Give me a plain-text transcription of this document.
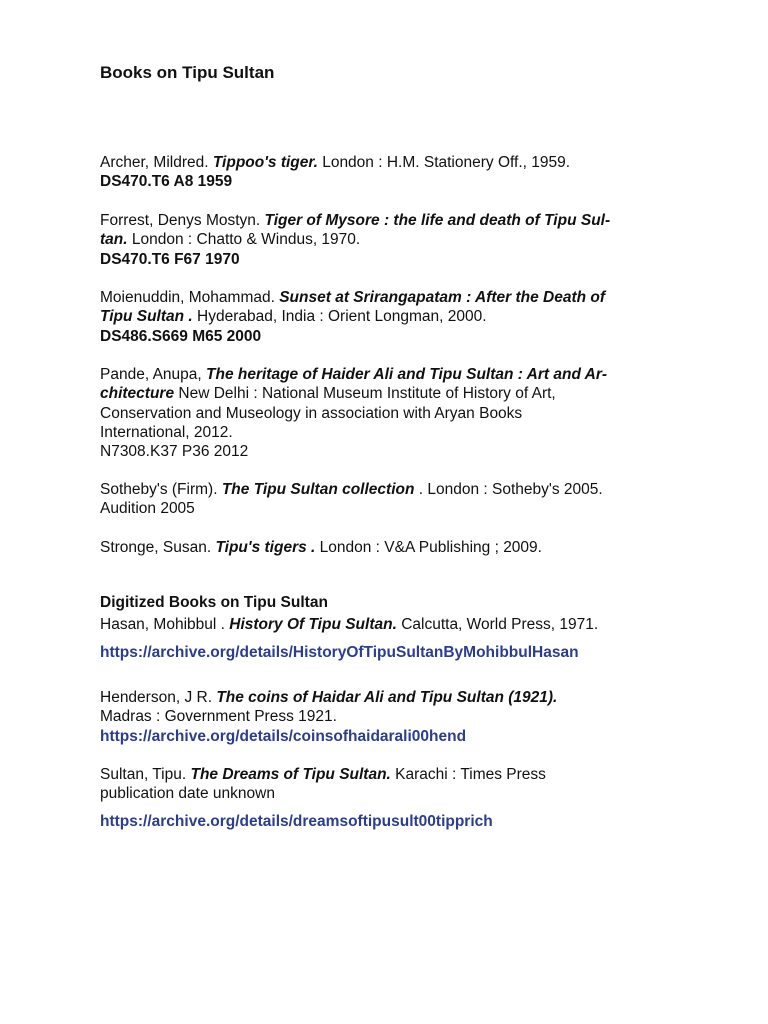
Books on Tipu Sultan
Archer, Mildred. Tippoo's tiger. London : H.M. Stationery Off., 1959.
DS470.T6 A8 1959
Forrest, Denys Mostyn. Tiger of Mysore : the life and death of Tipu Sul-
tan. London : Chatto & Windus, 1970.
DS470.T6 F67 1970
Moienuddin, Mohammad. Sunset at Srirangapatam : After the Death of
Tipu Sultan . Hyderabad, India : Orient Longman, 2000.
DS486.S669 M65 2000
Pande, Anupa, The heritage of Haider Ali and Tipu Sultan : Art and Ar-
chitecture New Delhi : National Museum Institute of History of Art,
Conservation and Museology in association with Aryan Books
International, 2012.
N7308.K37 P36 2012
Sotheby's (Firm). The Tipu Sultan collection . London : Sotheby's 2005.
Audition 2005
Stronge, Susan. Tipu's tigers . London : V&A Publishing ; 2009.
Digitized Books on Tipu Sultan
Hasan, Mohibbul . History Of Tipu Sultan. Calcutta, World Press, 1971.
https://archive.org/details/HistoryOfTipuSultanByMohibbulHasan
Henderson, J R. The coins of Haidar Ali and Tipu Sultan (1921).
Madras : Government Press 1921.
https://archive.org/details/coinsofhaidarali00hend
Sultan, Tipu. The Dreams of Tipu Sultan. Karachi : Times Press
publication date unknown
https://archive.org/details/dreamsoftipusult00tipprich
